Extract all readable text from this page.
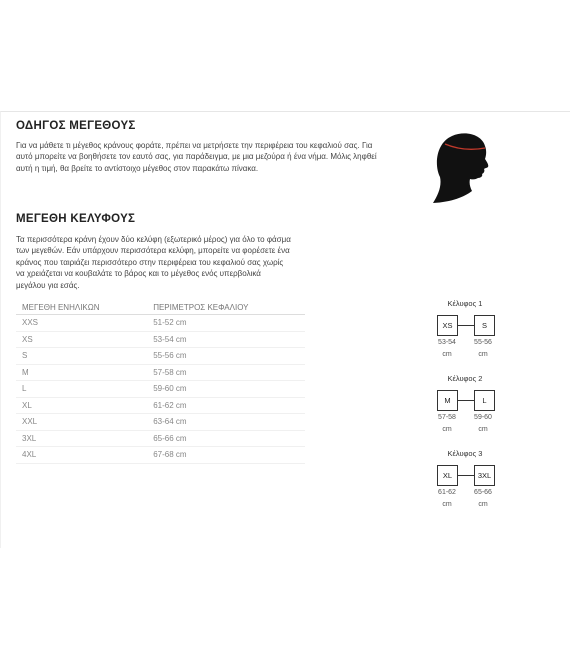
ΟΔΗΓΟΣ ΜΕΓΕΘΟΥΣ

Για να μάθετε τι μέγεθος κράνους φοράτε, πρέπει να μετρήσετε την περιφέρεια του κεφαλιού σας. Για
αυτό μπορείτε να βοηθήσετε τον εαυτό σας, για παράδειγμα, με μια μεζούρα ή ένα νήμα. Μόλις ληφθεί
αυτή η τιμή, θα βρείτε το αντίστοιχο μέγεθος στον παρακάτω πίνακα.

ΜΕΓΕΘΗ ΚΕΛΥΦΟΥΣ

Τα περισσότερα κράνη έχουν δύο κελύφη (εξωτερικό μέρος) για όλο το φάσμα
των μεγεθών. Εάν υπάρχουν περισσότερα κελύφη, μπορείτε να φορέσετε ένα
κράνος που ταιριάζει περισσότερο στην περιφέρεια του κεφαλιού σας χωρίς
να χρειάζεται να κουβαλάτε το βάρος και το μέγεθος ενός υπερβολικά
μεγάλου για εσάς.

ΜΕΓΕΘΗ ΕΝΗΛΙΚΩΝ	ΠΕΡΙΜΕΤΡΟΣ ΚΕΦΑΛΙΟΥ
XXS	51-52 cm
XS	53-54 cm
S	55-56 cm
M	57-58 cm
L	59-60 cm
XL	61-62 cm
XXL	63-64 cm
3XL	65-66 cm
4XL	67-68 cm
Κέλυφος 1
XS	S
53-54
cm
55-56
cm
Κέλυφος 2
M	L
57-58
cm
59-60
cm
Κέλυφος 3
XL	3XL
61-62
cm
65-66
cm
